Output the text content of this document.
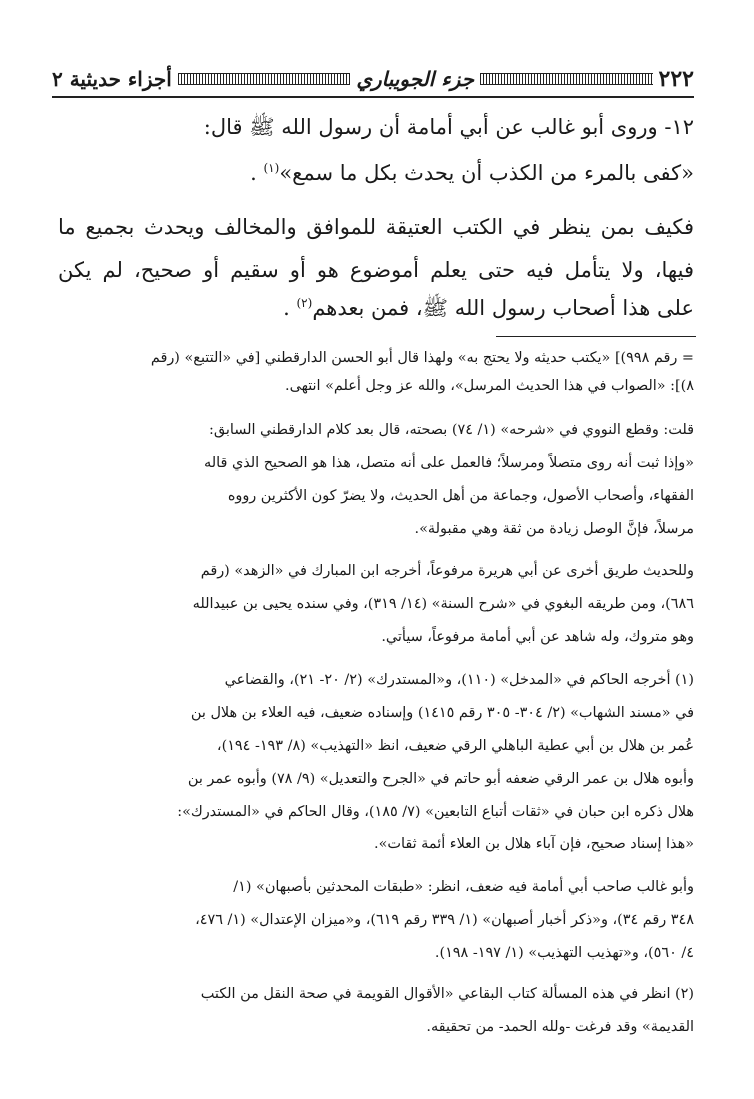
٢٢٢
جزء الجويباري
أجزاء حديثية ٢
١٢- وروى أبو غالب عن أبي أمامة أن رسول الله ﷺ قال:
«كفى بالمرء من الكذب أن يحدث بكل ما سمع»$^{(١)}$ .
فكيف بمن ينظر في الكتب العتيقة للموافق والمخالف ويحدث بجميع ما
فيها، ولا يتأمل فيه حتى يعلم أموضوع هو أو سقيم أو صحيح، لم يكن
على هذا أصحاب رسول الله ﷺ، فمن بعدهم$^{(٢)}$ .
= رقم ٩٩٨)] «يكتب حديثه ولا يحتج به» ولهذا قال أبو الحسن الدارقطني [في «التتبع» (رقم
٨)]: «الصواب في هذا الحديث المرسل»، والله عز وجل أعلم» انتهى.
قلت: وقطع النووي في «شرحه» (١/ ٧٤) بصحته، قال بعد كلام الدارقطني السابق:
«وإذا ثبت أنه روى متصلاً ومرسلاً؛ فالعمل على أنه متصل، هذا هو الصحيح الذي قاله
الفقهاء، وأصحاب الأصول، وجماعة من أهل الحديث، ولا يضرّ كون الأكثرين رووه
مرسلاً، فإنَّ الوصل زيادة من ثقة وهي مقبولة».
وللحديث طريق أخرى عن أبي هريرة مرفوعاً، أخرجه ابن المبارك في «الزهد» (رقم
٦٨٦)، ومن طريقه البغوي في «شرح السنة» (١٤/ ٣١٩)، وفي سنده يحيى بن عبيدالله
وهو متروك، وله شاهد عن أبي أمامة مرفوعاً، سيأتي.
(١) أخرجه الحاكم في «المدخل» (١١٠)، و«المستدرك» (٢/ ٢٠- ٢١)، والقضاعي
في «مسند الشهاب» (٢/ ٣٠٤- ٣٠٥ رقم ١٤١٥) وإسناده ضعيف، فيه العلاء بن هلال بن
عُمر بن هلال بن أبي عطية الباهلي الرقي ضعيف، انظ «التهذيب» (٨/ ١٩٣- ١٩٤)،
وأبوه هلال بن عمر الرقي ضعفه أبو حاتم في «الجرح والتعديل» (٩/ ٧٨) وأبوه عمر بن
هلال ذكره ابن حبان في «ثقات أتباع التابعين» (٧/ ١٨٥)، وقال الحاكم في «المستدرك»:
«هذا إسناد صحيح، فإن آباء هلال بن العلاء أئمة ثقات».
وأبو غالب صاحب أبي أمامة فيه ضعف، انظر: «طبقات المحدثين بأصبهان» (١/
٣٤٨ رقم ٣٤)، و«ذكر أخبار أصبهان» (١/ ٣٣٩ رقم ٦١٩)، و«ميزان الإعتدال» (١/ ٤٧٦،
٤/ ٥٦٠)، و«تهذيب التهذيب» (١/ ١٩٧- ١٩٨).
(٢) انظر في هذه المسألة كتاب البقاعي «الأقوال القويمة في صحة النقل من الكتب
القديمة» وقد فرغت -ولله الحمد- من تحقيقه.
